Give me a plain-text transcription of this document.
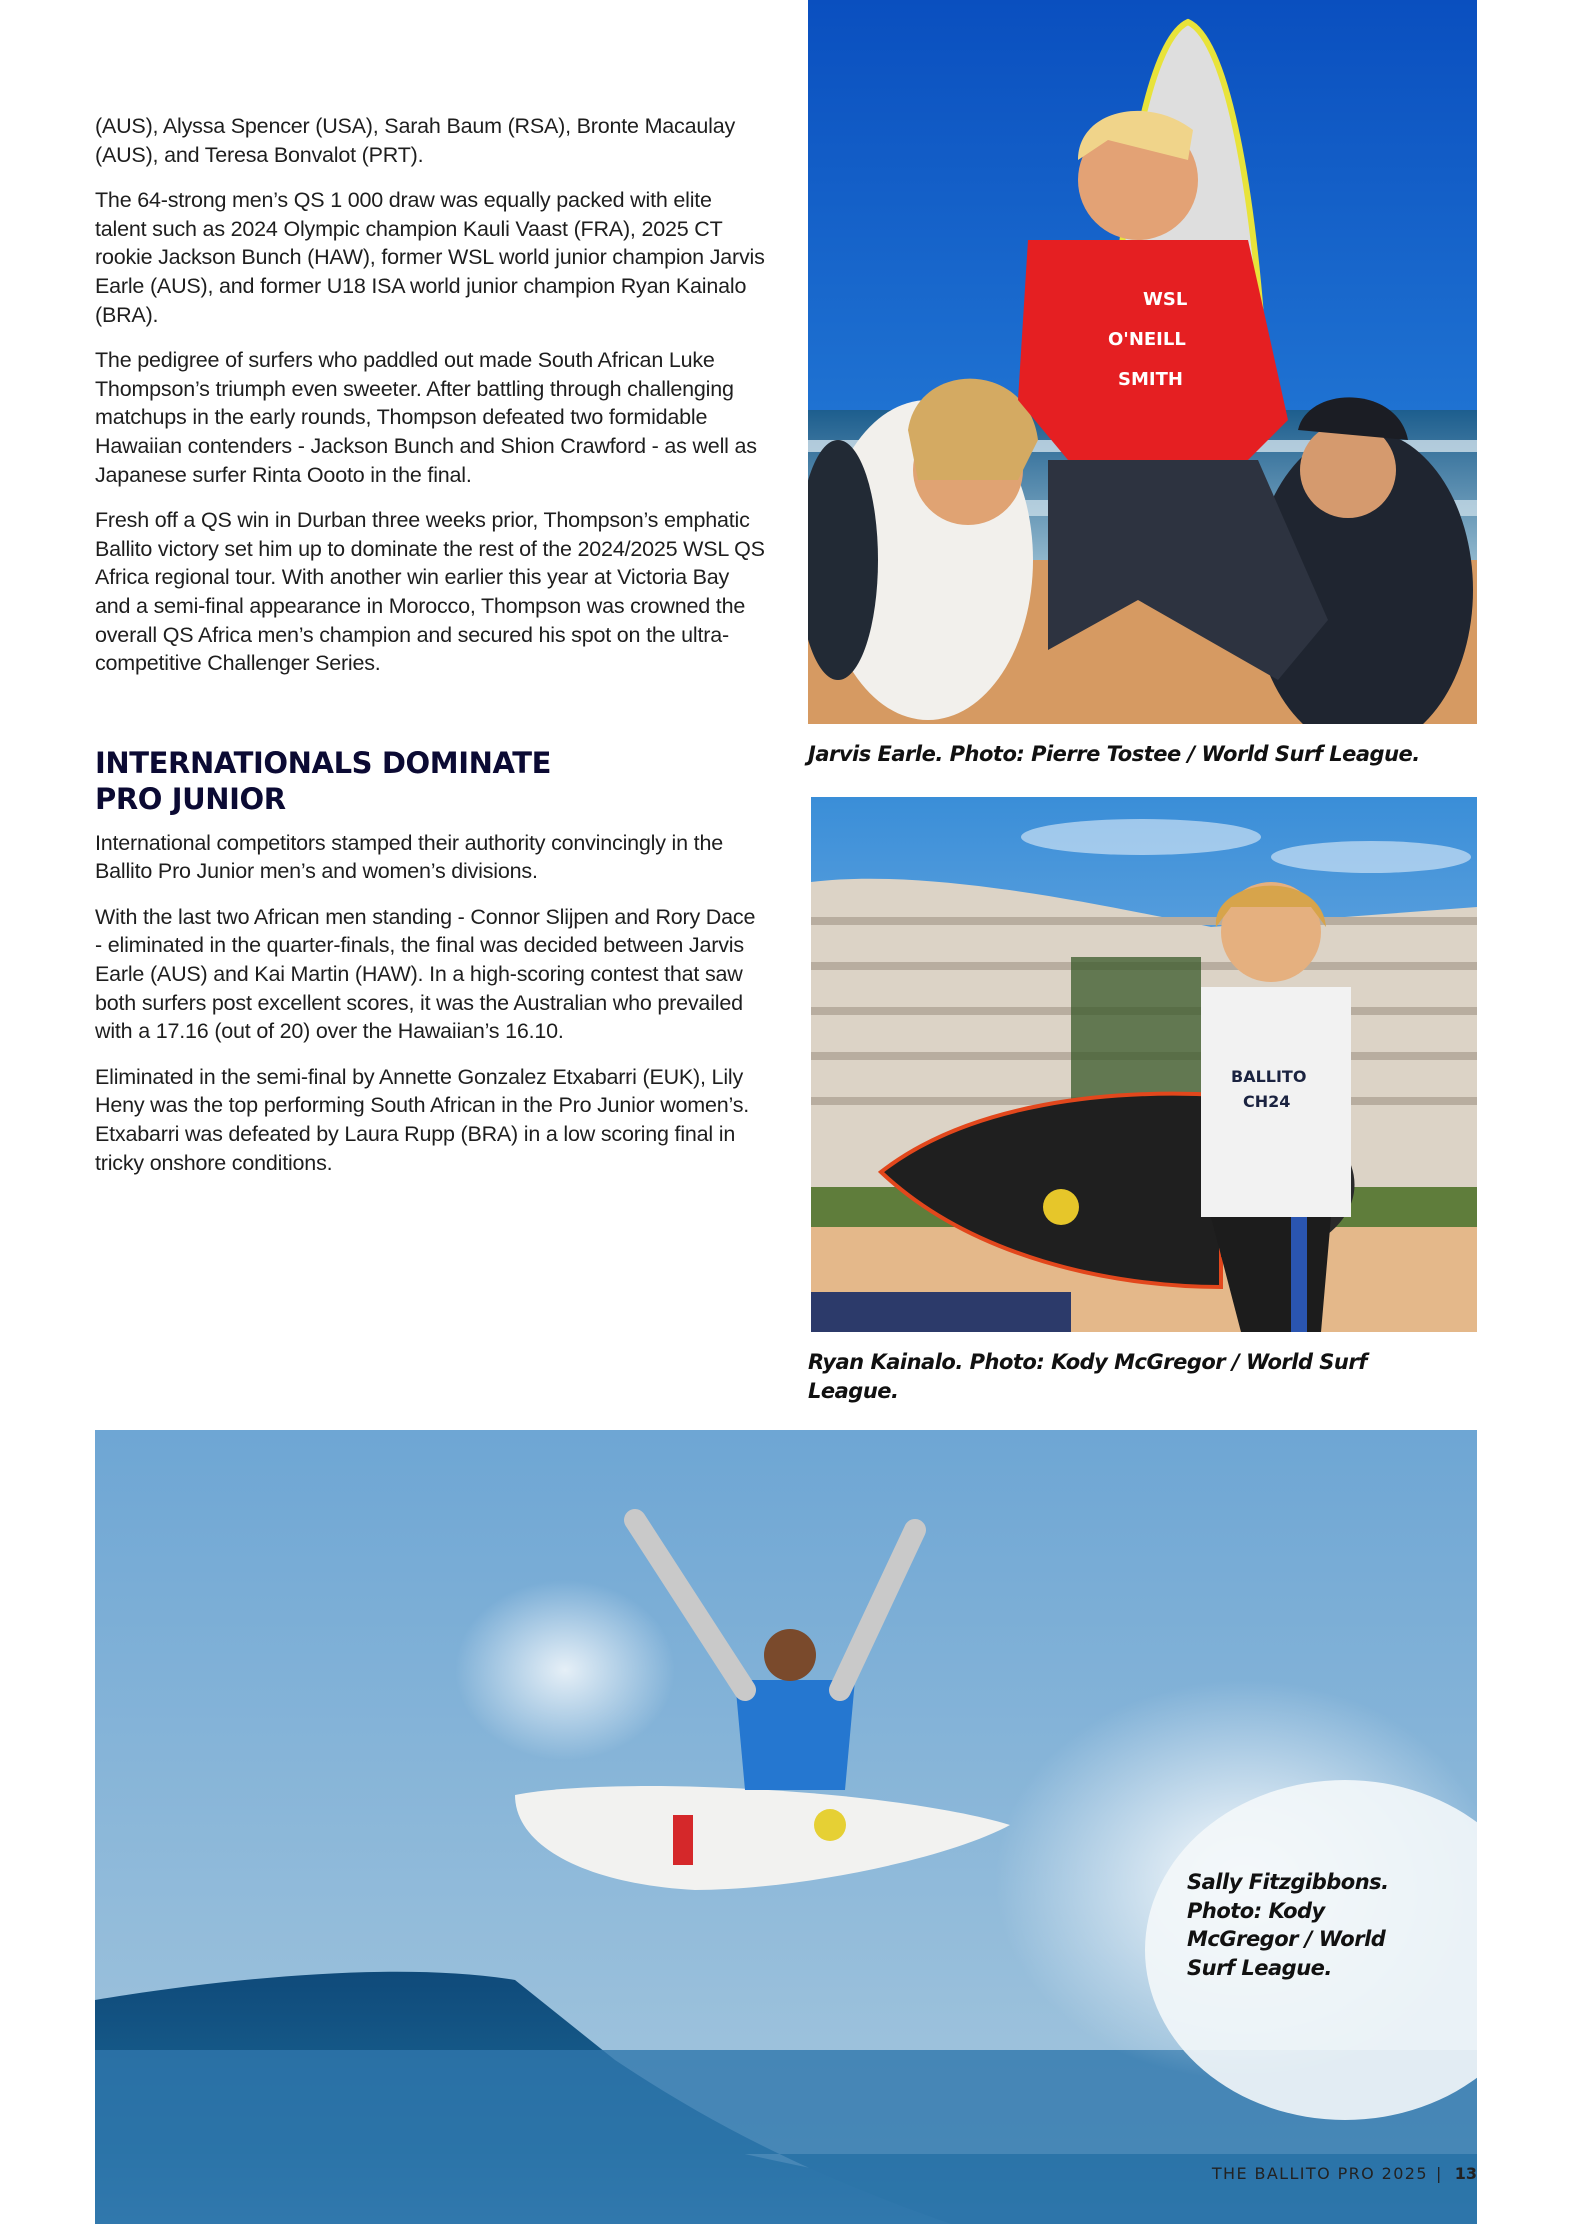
(AUS), Alyssa Spencer (USA), Sarah Baum (RSA), Bronte Macaulay (AUS), and Teresa Bonvalot (PRT).

The 64-strong men’s QS 1 000 draw was equally packed with elite talent such as 2024 Olympic champion Kauli Vaast (FRA), 2025 CT rookie Jackson Bunch (HAW), former WSL world junior champion Jarvis Earle (AUS), and former U18 ISA world junior champion Ryan Kainalo (BRA).

The pedigree of surfers who paddled out made South African Luke Thompson’s triumph even sweeter. After battling through challenging matchups in the early rounds, Thompson defeated two formidable Hawaiian contenders - Jackson Bunch and Shion Crawford - as well as Japanese surfer Rinta Oooto in the final.

Fresh off a QS win in Durban three weeks prior, Thompson’s emphatic Ballito victory set him up to dominate the rest of the 2024/2025 WSL QS Africa regional tour. With another win earlier this year at Victoria Bay and a semi-final appearance in Morocco, Thompson was crowned the overall QS Africa men’s champion and secured his spot on the ultra-competitive Challenger Series.

INTERNATIONALS DOMINATE
PRO JUNIOR

International competitors stamped their authority convincingly in the Ballito Pro Junior men’s and women’s divisions.

With the last two African men standing - Connor Slijpen and Rory Dace - eliminated in the quarter-finals, the final was decided between Jarvis Earle (AUS) and Kai Martin (HAW). In a high-scoring contest that saw both surfers post excellent scores, it was the Australian who prevailed with a 17.16 (out of 20) over the Hawaiian’s 16.10.

Eliminated in the semi-final by Annette Gonzalez Etxabarri (EUK), Lily Heny was the top performing South African in the Pro Junior women’s. Etxabarri was defeated by Laura Rupp (BRA) in a low scoring final in tricky onshore conditions.

WSL
O'NEILL
SMITH
Jarvis Earle. Photo: Pierre Tostee / World Surf League.
BALLITO
CH24
Ryan Kainalo. Photo: Kody McGregor / World Surf League.
Sally Fitzgibbons.
Photo: Kody
McGregor / World
Surf League.
THE BALLITO PRO 2025 | 13
